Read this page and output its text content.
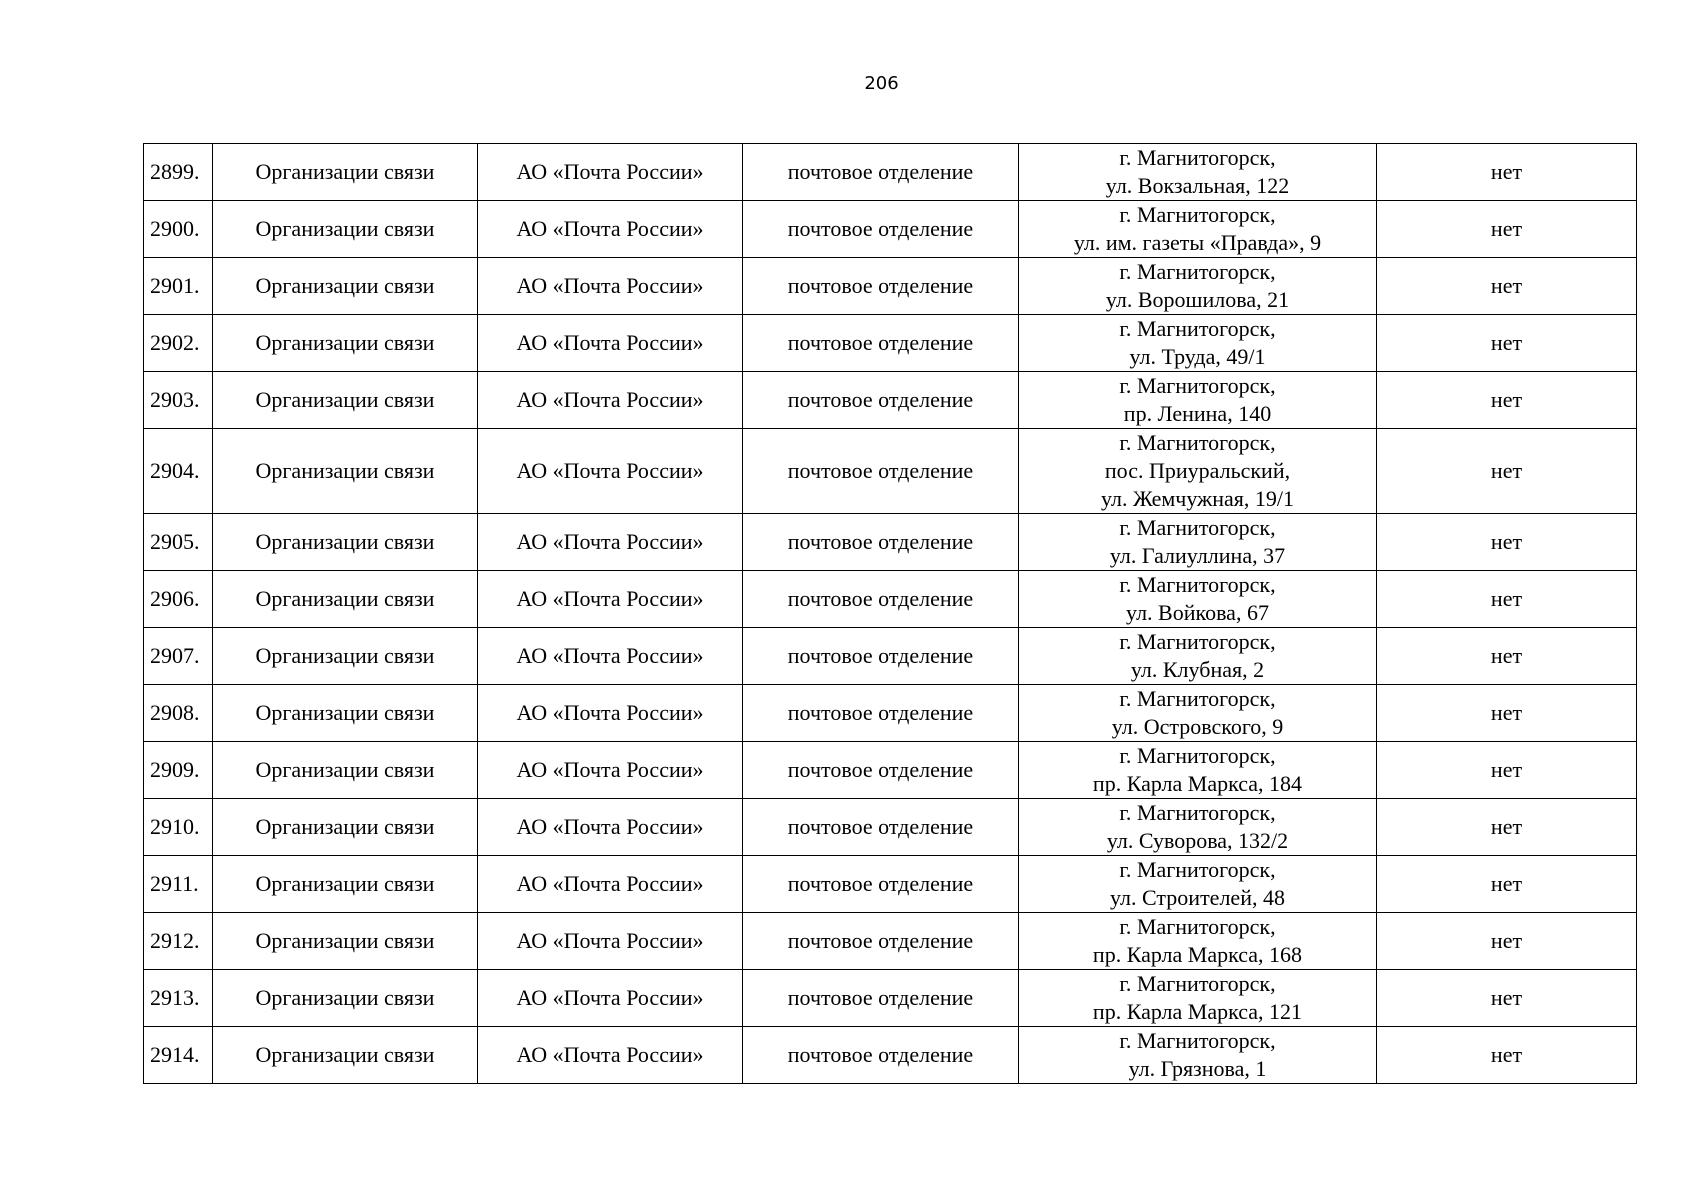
206
2899.	Организации связи	АО «Почта России»	почтовое отделение	г. Магнитогорск,
ул. Вокзальная, 122	нет
2900.	Организации связи	АО «Почта России»	почтовое отделение	г. Магнитогорск,
ул. им. газеты «Правда», 9	нет
2901.	Организации связи	АО «Почта России»	почтовое отделение	г. Магнитогорск,
ул. Ворошилова, 21	нет
2902.	Организации связи	АО «Почта России»	почтовое отделение	г. Магнитогорск,
ул. Труда, 49/1	нет
2903.	Организации связи	АО «Почта России»	почтовое отделение	г. Магнитогорск,
пр. Ленина, 140	нет
2904.	Организации связи	АО «Почта России»	почтовое отделение	г. Магнитогорск,
пос. Приуральский,
ул. Жемчужная, 19/1	нет
2905.	Организации связи	АО «Почта России»	почтовое отделение	г. Магнитогорск,
ул. Галиуллина, 37	нет
2906.	Организации связи	АО «Почта России»	почтовое отделение	г. Магнитогорск,
ул. Войкова, 67	нет
2907.	Организации связи	АО «Почта России»	почтовое отделение	г. Магнитогорск,
ул. Клубная, 2	нет
2908.	Организации связи	АО «Почта России»	почтовое отделение	г. Магнитогорск,
ул. Островского, 9	нет
2909.	Организации связи	АО «Почта России»	почтовое отделение	г. Магнитогорск,
пр. Карла Маркса, 184	нет
2910.	Организации связи	АО «Почта России»	почтовое отделение	г. Магнитогорск,
ул. Суворова, 132/2	нет
2911.	Организации связи	АО «Почта России»	почтовое отделение	г. Магнитогорск,
ул. Строителей, 48	нет
2912.	Организации связи	АО «Почта России»	почтовое отделение	г. Магнитогорск,
пр. Карла Маркса, 168	нет
2913.	Организации связи	АО «Почта России»	почтовое отделение	г. Магнитогорск,
пр. Карла Маркса, 121	нет
2914.	Организации связи	АО «Почта России»	почтовое отделение	г. Магнитогорск,
ул. Грязнова, 1	нет
